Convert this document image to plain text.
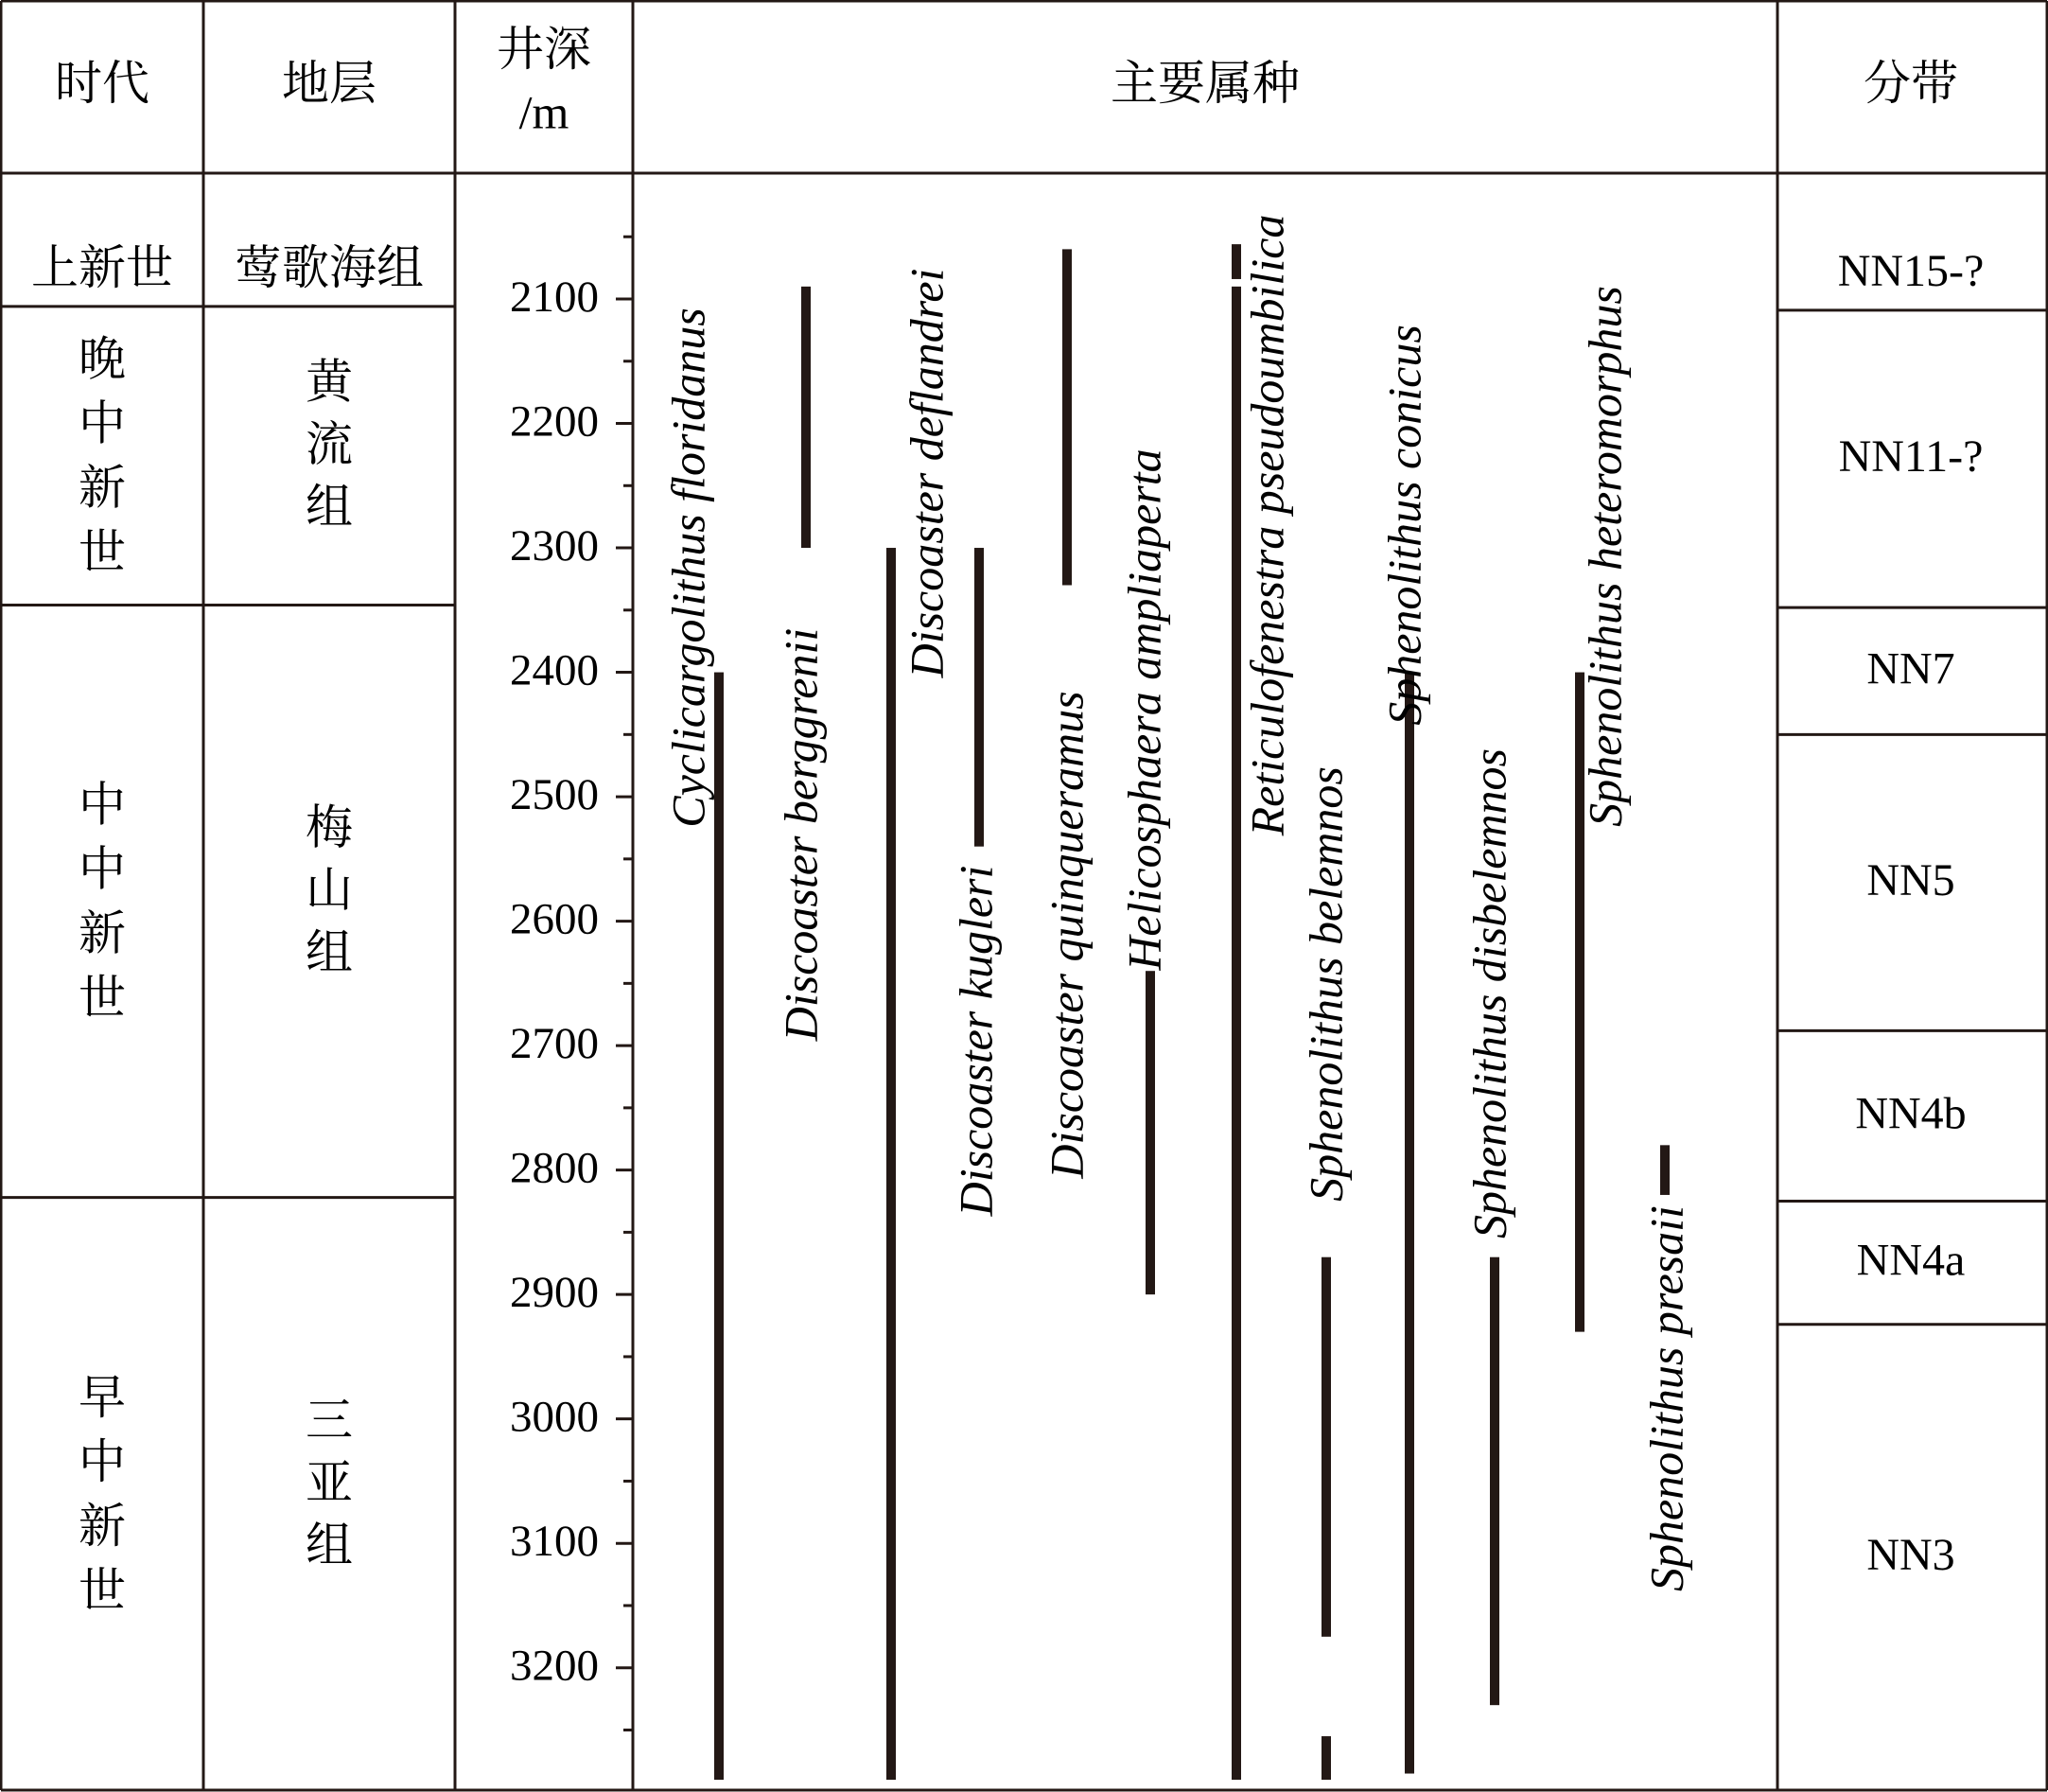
时代	地层
井深
/m
主要属种	分带
上新世
晚中新世
中中新世
早中新世
莺歌海组
黄流组
梅山组
三亚组
2100
2200
2300
2400
2500
2600
2700
2800
2900
3000
3100
3200
NN15-?
NN11-?
NN7
NN5
NN4b
NN4a
NN3
Cyclicargolithus floridanus
Discoaster berggrenii
Discoaster deflandrei
Discoaster kugleri Discoaster quinqueramus Helicosphaera ampliaperta Reticulofenestra pseudoumbilica
Sphenolithus belemnos
Sphenolithus conicus
Sphenolithus disbelemnos
Sphenolithus heteromorphus
Sphenolithus presaii
